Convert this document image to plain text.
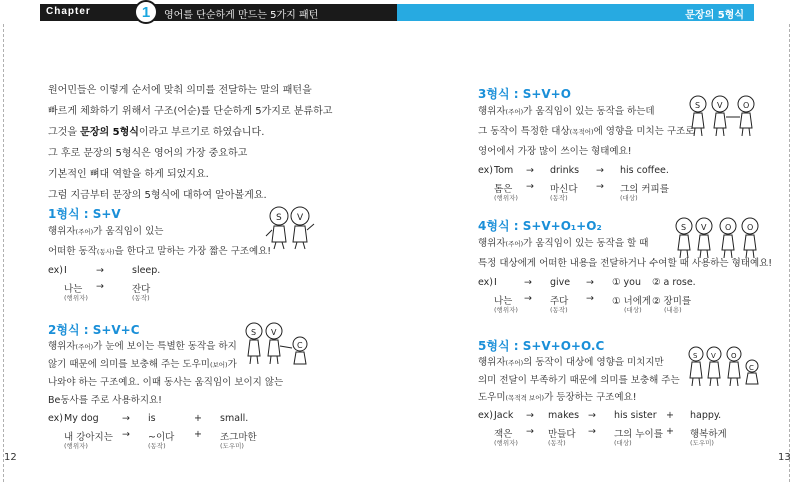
Chapter	1 영어를 단순하게 만드는 5가지 패턴	문장의 5형식
12	13
원어민들은 이렇게 순서에 맞춰 의미를 전달하는 말의 패턴을
빠르게 체화하기 위해서 구조(어순)를 단순하게 5가지로 분류하고
그것을 문장의 5형식이라고 부르기로 하였습니다.
그 후로 문장의 5형식은 영어의 가장 중요하고
기본적인 뼈대 역할을 하게 되었지요.
그럼 지금부터 문장의 5형식에 대하여 알아볼게요.
1형식 : S+V
행위자(주어)가 움직임이 있는
어떠한 동작(동사)을 한다고 말하는 가장 짧은 구조예요!
ex) I	→	sleep.
나는 →	잔다
(행위자)	(동작)
2형식 : S+V+C
행위자(주어)가 눈에 보이는 특별한 동작을 하지
않기 때문에 의미를 보충해 주는 도우미(보어)가
나와야 하는 구조예요. 이때 동사는 움직임이 보이지 않는
Be동사를 주로 사용하지요!
ex) My dog → is	+ small.
내 강아지는 → ~이다 + 조그마한
(행위자)	(동작)	(도우미)
3형식 : S+V+O
행위자(주어)가 움직임이 있는 동작을 하는데
그 동작이 특정한 대상(목적어)에 영향을 미치는 구조로
영어에서 가장 많이 쓰이는 형태예요!
ex) Tom → drinks → his coffee.
톰은 → 마신다 → 그의 커피를
(행위자)	(동작)	(대상)
4형식 : S+V+O₁+O₂
행위자(주어)가 움직임이 있는 동작을 할 때
특정 대상에게 어떠한 내용을 전달하거나 수여할 때 사용하는 형태예요!
ex) I	→ give → ① you ② a rose.
나는 → 주다 → ① 너에게 ② 장미를
(행위자)	(동작)	(대상)	(내용)
5형식 : S+V+O+O.C
행위자(주어)의 동작이 대상에 영향을 미치지만
의미 전달이 부족하기 때문에 의미를 보충해 주는
도우미(목적격 보어)가 등장하는 구조예요!
ex) Jack → makes → his sister + happy.
잭은 → 만들다 → 그의 누이를 + 행복하게
(행위자)	(동작)	(대상)	(도우미)
S V
S V
C
S V	O
S V O O
S V O
C
